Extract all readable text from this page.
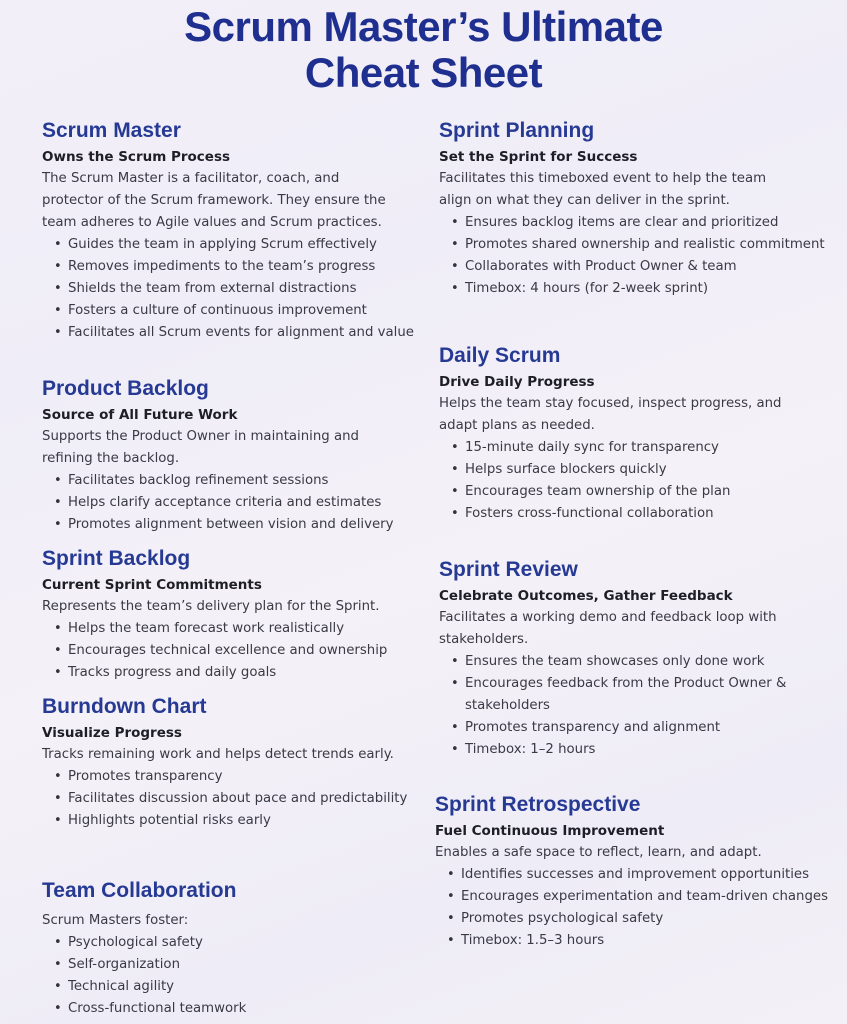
Scrum Master’s Ultimate
Cheat Sheet
Scrum Master
Owns the Scrum Process
The Scrum Master is a facilitator, coach, and
protector of the Scrum framework. They ensure the
team adheres to Agile values and Scrum practices.
• Guides the team in applying Scrum effectively
• Removes impediments to the team’s progress
• Shields the team from external distractions
• Fosters a culture of continuous improvement
• Facilitates all Scrum events for alignment and value
Product Backlog
Source of All Future Work
Supports the Product Owner in maintaining and
refining the backlog.
• Facilitates backlog refinement sessions
• Helps clarify acceptance criteria and estimates
• Promotes alignment between vision and delivery
Sprint Backlog
Current Sprint Commitments
Represents the team’s delivery plan for the Sprint.
• Helps the team forecast work realistically
• Encourages technical excellence and ownership
• Tracks progress and daily goals
Burndown Chart
Visualize Progress
Tracks remaining work and helps detect trends early.
• Promotes transparency
• Facilitates discussion about pace and predictability
• Highlights potential risks early
Team Collaboration
Scrum Masters foster:
• Psychological safety
• Self-organization
• Technical agility
• Cross-functional teamwork
Sprint Planning
Set the Sprint for Success
Facilitates this timeboxed event to help the team
align on what they can deliver in the sprint.
• Ensures backlog items are clear and prioritized
• Promotes shared ownership and realistic commitment
• Collaborates with Product Owner & team
• Timebox: 4 hours (for 2-week sprint)
Daily Scrum
Drive Daily Progress
Helps the team stay focused, inspect progress, and
adapt plans as needed.
• 15-minute daily sync for transparency
• Helps surface blockers quickly
• Encourages team ownership of the plan
• Fosters cross-functional collaboration
Sprint Review
Celebrate Outcomes, Gather Feedback
Facilitates a working demo and feedback loop with
stakeholders.
• Ensures the team showcases only done work
• Encourages feedback from the Product Owner & stakeholders
• Promotes transparency and alignment
• Timebox: 1–2 hours
Sprint Retrospective
Fuel Continuous Improvement
Enables a safe space to reflect, learn, and adapt.
• Identifies successes and improvement opportunities
• Encourages experimentation and team-driven changes
• Promotes psychological safety
• Timebox: 1.5–3 hours
